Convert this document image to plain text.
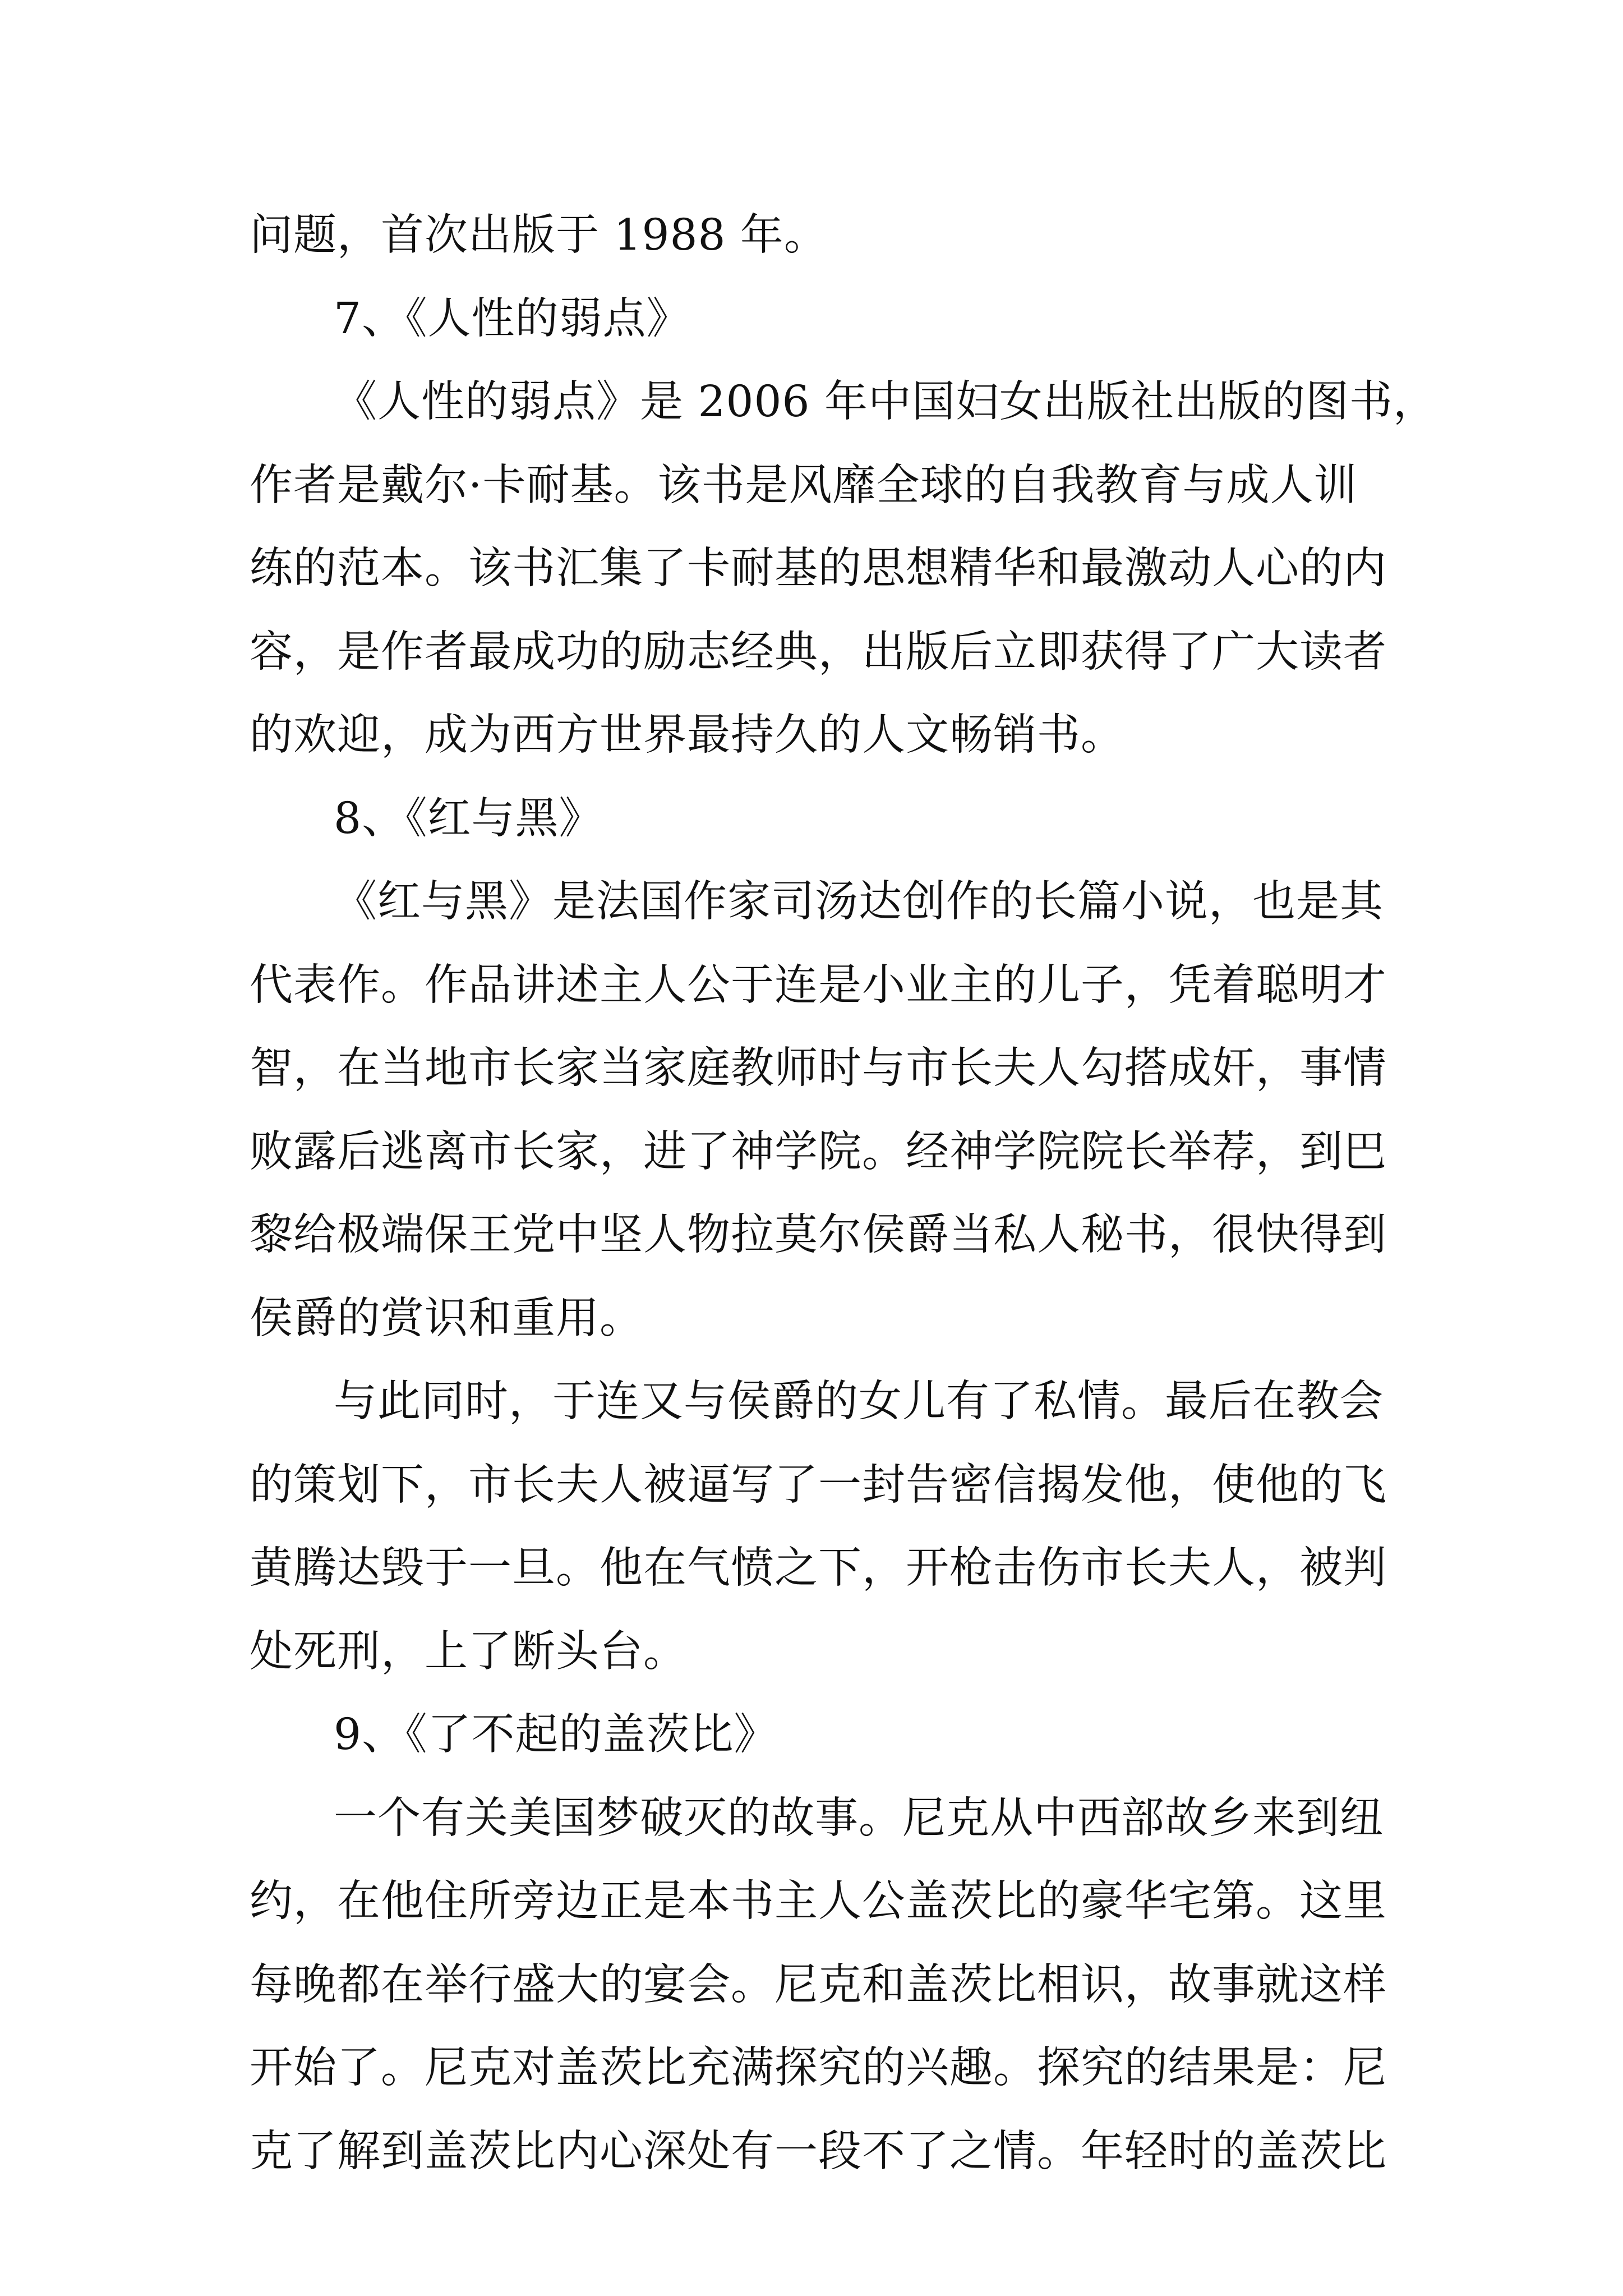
问题，首次出版于 1988 年。
7、《人性的弱点》
《人性的弱点》是 2006 年中国妇女出版社出版的图书，
作者是戴尔·卡耐基。该书是风靡全球的自我教育与成人训
练的范本。该书汇集了卡耐基的思想精华和最激动人心的内
容，是作者最成功的励志经典，出版后立即获得了广大读者
的欢迎，成为西方世界最持久的人文畅销书。
8、《红与黑》
《红与黑》是法国作家司汤达创作的长篇小说，也是其
代表作。作品讲述主人公于连是小业主的儿子，凭着聪明才
智，在当地市长家当家庭教师时与市长夫人勾搭成奸，事情
败露后逃离市长家，进了神学院。经神学院院长举荐，到巴
黎给极端保王党中坚人物拉莫尔侯爵当私人秘书，很快得到
侯爵的赏识和重用。
与此同时，于连又与侯爵的女儿有了私情。最后在教会
的策划下，市长夫人被逼写了一封告密信揭发他，使他的飞
黄腾达毁于一旦。他在气愤之下，开枪击伤市长夫人，被判
处死刑，上了断头台。
9、《了不起的盖茨比》
一个有关美国梦破灭的故事。尼克从中西部故乡来到纽
约，在他住所旁边正是本书主人公盖茨比的豪华宅第。这里
每晚都在举行盛大的宴会。尼克和盖茨比相识，故事就这样
开始了。尼克对盖茨比充满探究的兴趣。探究的结果是：尼
克了解到盖茨比内心深处有一段不了之情。年轻时的盖茨比
